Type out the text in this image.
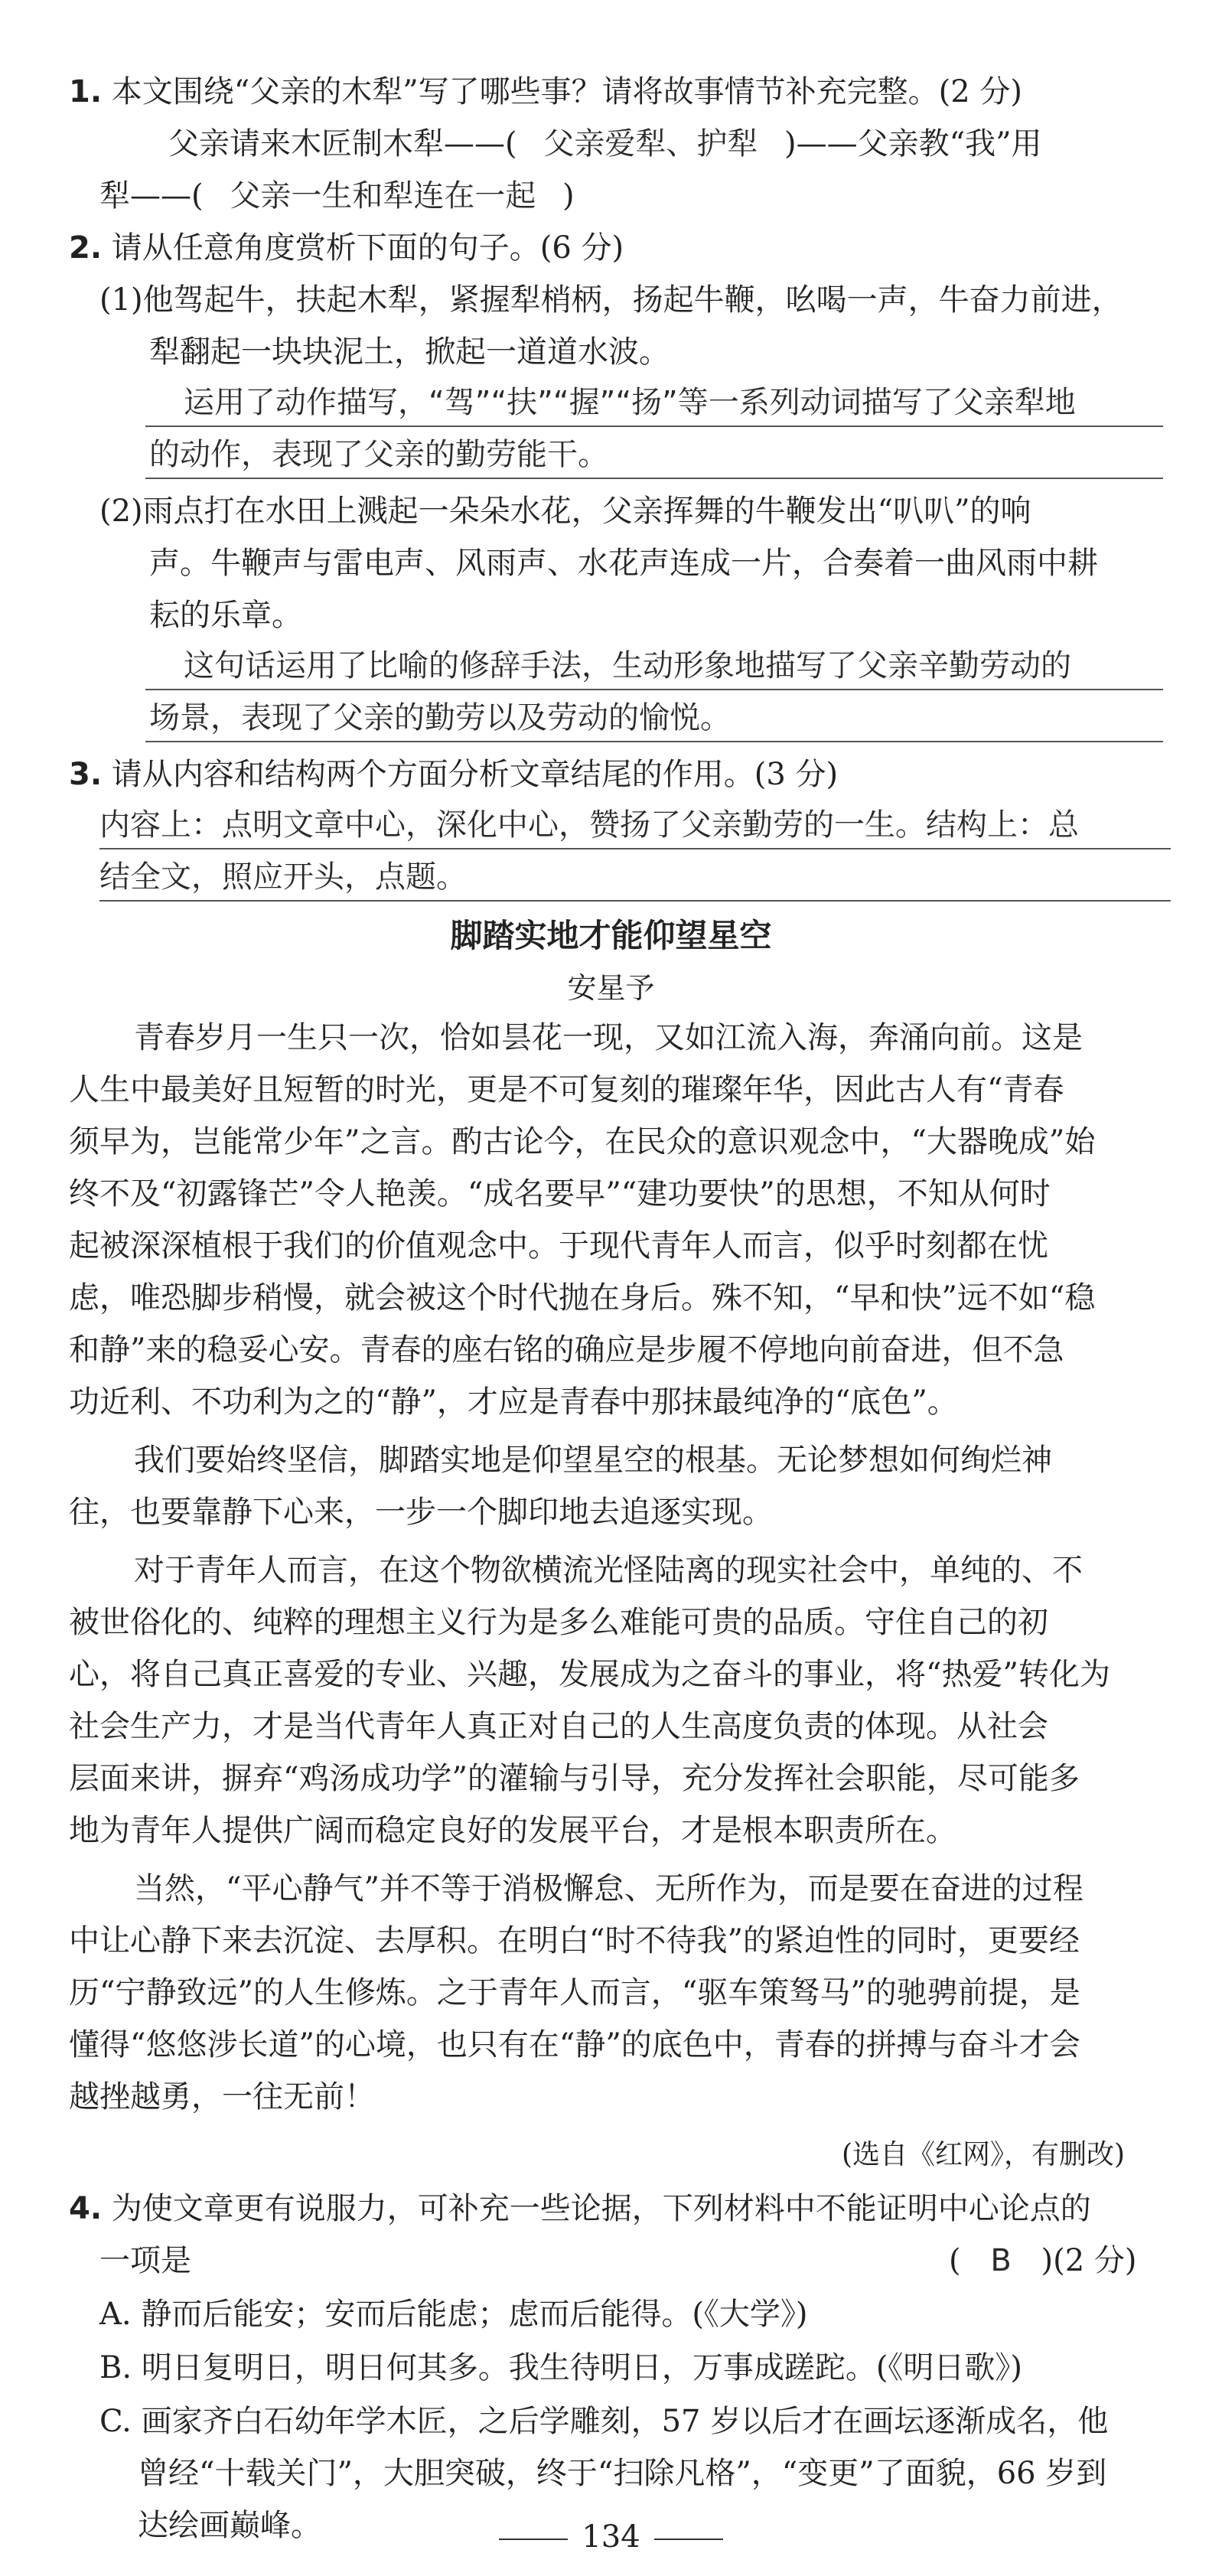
1. 本文围绕“父亲的木犁”写了哪些事？请将故事情节补充完整。(2 分)
父亲请来木匠制木犁——( 父亲爱犁、护犁 )——父亲教“我”用
犁——( 父亲一生和犁连在一起 )
2. 请从任意角度赏析下面的句子。(6 分)
(1)他驾起牛，扶起木犁，紧握犁梢柄，扬起牛鞭，吆喝一声，牛奋力前进，
犁翻起一块块泥土，掀起一道道水波。
运用了动作描写，“驾”“扶”“握”“扬”等一系列动词描写了父亲犁地
的动作，表现了父亲的勤劳能干。
(2)雨点打在水田上溅起一朵朵水花，父亲挥舞的牛鞭发出“叭叭”的响
声。牛鞭声与雷电声、风雨声、水花声连成一片，合奏着一曲风雨中耕
耘的乐章。
这句话运用了比喻的修辞手法，生动形象地描写了父亲辛勤劳动的
场景，表现了父亲的勤劳以及劳动的愉悦。
3. 请从内容和结构两个方面分析文章结尾的作用。(3 分)
内容上：点明文章中心，深化中心，赞扬了父亲勤劳的一生。结构上：总
结全文，照应开头，点题。
脚踏实地才能仰望星空
安星予
青春岁月一生只一次，恰如昙花一现，又如江流入海，奔涌向前。这是
人生中最美好且短暂的时光，更是不可复刻的璀璨年华，因此古人有“青春
须早为，岂能常少年”之言。酌古论今，在民众的意识观念中，“大器晚成”始
终不及“初露锋芒”令人艳羡。“成名要早”“建功要快”的思想，不知从何时
起被深深植根于我们的价值观念中。于现代青年人而言，似乎时刻都在忧
虑，唯恐脚步稍慢，就会被这个时代抛在身后。殊不知，“早和快”远不如“稳
和静”来的稳妥心安。青春的座右铭的确应是步履不停地向前奋进，但不急
功近利、不功利为之的“静”，才应是青春中那抹最纯净的“底色”。
我们要始终坚信，脚踏实地是仰望星空的根基。无论梦想如何绚烂神
往，也要靠静下心来，一步一个脚印地去追逐实现。
对于青年人而言，在这个物欲横流光怪陆离的现实社会中，单纯的、不
被世俗化的、纯粹的理想主义行为是多么难能可贵的品质。守住自己的初
心，将自己真正喜爱的专业、兴趣，发展成为之奋斗的事业，将“热爱”转化为
社会生产力，才是当代青年人真正对自己的人生高度负责的体现。从社会
层面来讲，摒弃“鸡汤成功学”的灌输与引导，充分发挥社会职能，尽可能多
地为青年人提供广阔而稳定良好的发展平台，才是根本职责所在。
当然，“平心静气”并不等于消极懈怠、无所作为，而是要在奋进的过程
中让心静下来去沉淀、去厚积。在明白“时不待我”的紧迫性的同时，更要经
历“宁静致远”的人生修炼。之于青年人而言，“驱车策驽马”的驰骋前提，是
懂得“悠悠涉长道”的心境，也只有在“静”的底色中，青春的拼搏与奋斗才会
越挫越勇，一往无前！
(选自《红网》，有删改)
4. 为使文章更有说服力，可补充一些论据，下列材料中不能证明中心论点的
一项是	( B )(2 分)
A. 静而后能安；安而后能虑；虑而后能得。(《大学》)
B. 明日复明日，明日何其多。我生待明日，万事成蹉跎。(《明日歌》)
C. 画家齐白石幼年学木匠，之后学雕刻，57 岁以后才在画坛逐渐成名，他
曾经“十载关门”，大胆突破，终于“扫除凡格”，“变更”了面貌，66 岁到
达绘画巅峰。	134
